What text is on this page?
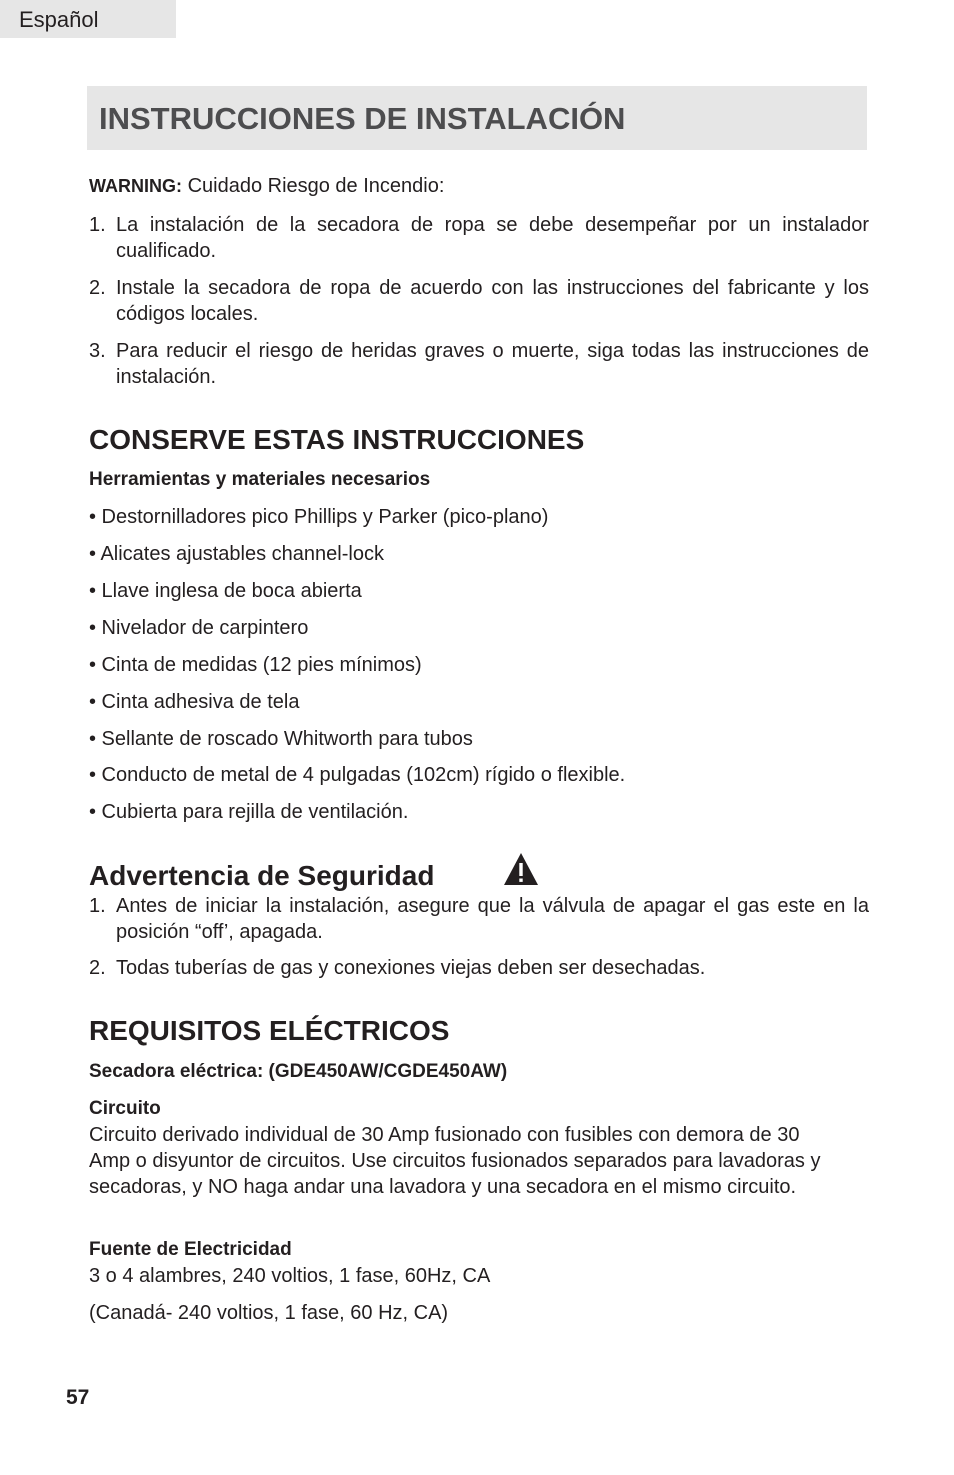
Español
INSTRUCCIONES DE INSTALACIÓN
WARNING: Cuidado Riesgo de Incendio:
1. La instalación de la secadora de ropa se debe desempeñar por un instalador cualificado.
2. Instale la secadora de ropa de acuerdo con las instrucciones del fabricante y los códigos locales.
3. Para reducir el riesgo de heridas graves o muerte, siga todas las instrucciones de instalación.
CONSERVE ESTAS INSTRUCCIONES
Herramientas y materiales necesarios
• Destornilladores pico Phillips y Parker (pico-plano)
• Alicates ajustables channel-lock
• Llave inglesa de boca abierta
• Nivelador de carpintero
• Cinta de medidas (12 pies mínimos)
• Cinta adhesiva de tela
• Sellante de roscado Whitworth para tubos
• Conducto de metal de 4 pulgadas (102cm) rígido o flexible.
• Cubierta para rejilla de ventilación.
Advertencia de Seguridad
1. Antes de iniciar la instalación, asegure que la válvula de apagar el gas este en la posición “off’, apagada.
2. Todas tuberías de gas y conexiones viejas deben ser desechadas.
REQUISITOS ELÉCTRICOS
Secadora eléctrica: (GDE450AW/CGDE450AW)
Circuito
Circuito derivado individual de 30 Amp fusionado con fusibles con demora de 30 Amp o disyuntor de circuitos. Use circuitos fusionados separados para lavadoras y secadoras, y NO haga andar una lavadora y una secadora en el mismo circuito.
Fuente de Electricidad
3 o 4 alambres, 240 voltios, 1 fase, 60Hz, CA
(Canadá- 240 voltios, 1 fase, 60 Hz, CA)
57
